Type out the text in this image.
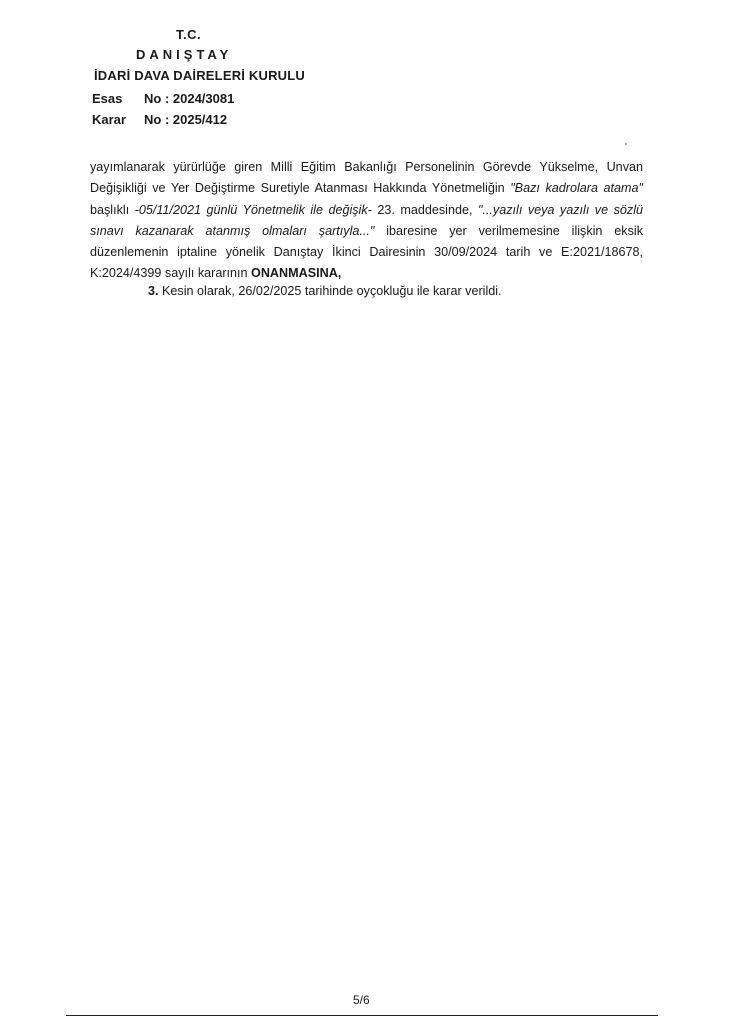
T.C.
DANIŞTAY
İDARİ DAVA DAİRELERİ KURULU
Esas No : 2024/3081
Karar No : 2025/412

yayımlanarak yürürlüğe giren Milli Eğitim Bakanlığı Personelinin Görevde Yükselme, Unvan Değişikliği ve Yer Değiştirme Suretiyle Atanması Hakkında Yönetmeliğin "Bazı kadrolara atama" başlıklı -05/11/2021 günlü Yönetmelik ile değişik- 23. maddesinde, "...yazılı veya yazılı ve sözlü sınavı kazanarak atanmış olmaları şartıyla..." ibaresine yer verilmemesine ilişkin eksik düzenlemenin iptaline yönelik Danıştay İkinci Dairesinin 30/09/2024 tarih ve E:2021/18678, K:2024/4399 sayılı kararının ONANMASINA,

3. Kesin olarak, 26/02/2025 tarihinde oyçokluğu ile karar verildi.
5/6
